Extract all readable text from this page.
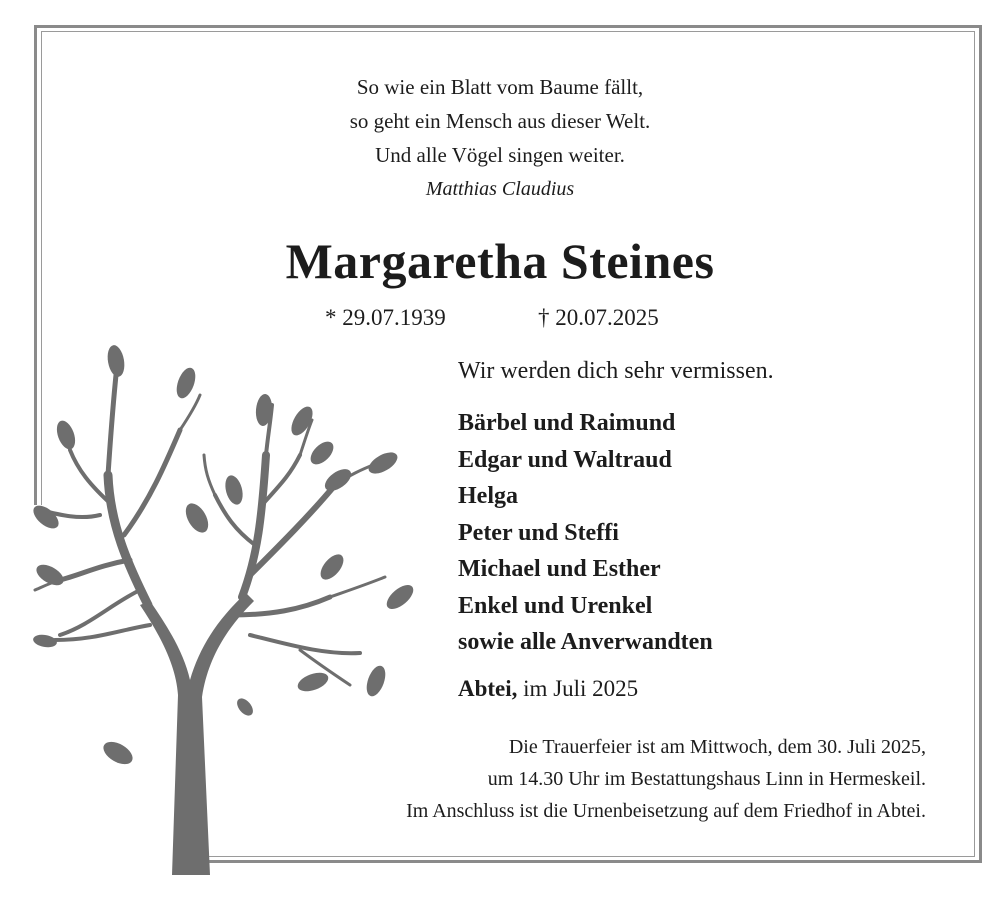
So wie ein Blatt vom Baume fällt,
so geht ein Mensch aus dieser Welt.
Und alle Vögel singen weiter.
Matthias Claudius
Margaretha Steines
* 29.07.1939	† 20.07.2025
Wir werden dich sehr vermissen.
Bärbel und Raimund
Edgar und Waltraud
Helga
Peter und Steffi
Michael und Esther
Enkel und Urenkel
sowie alle Anverwandten
Abtei, im Juli 2025
Die Trauerfeier ist am Mittwoch, dem 30. Juli 2025,
um 14.30 Uhr im Bestattungshaus Linn in Hermeskeil.
Im Anschluss ist die Urnenbeisetzung auf dem Friedhof in Abtei.
